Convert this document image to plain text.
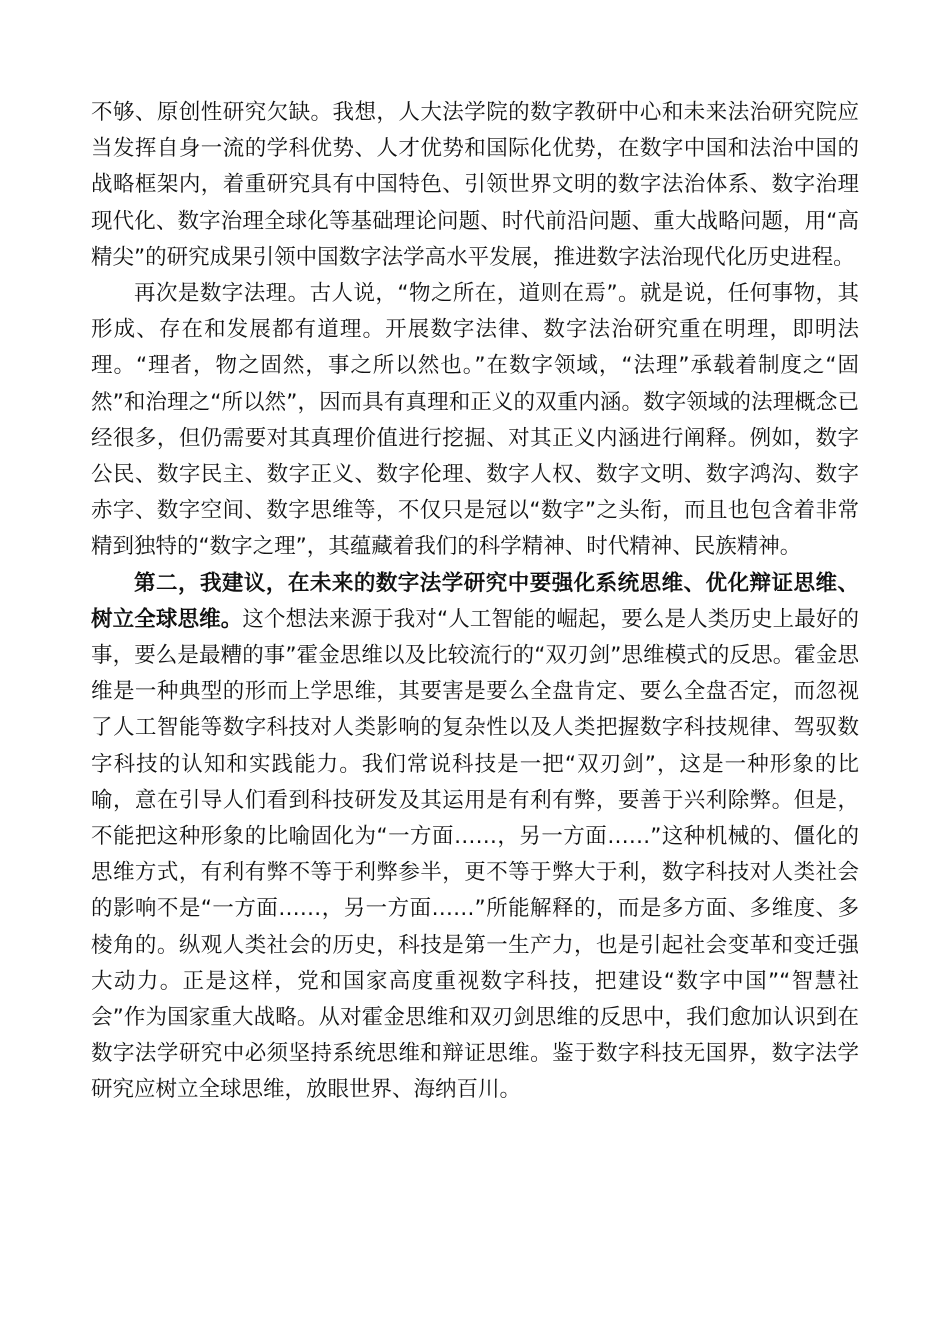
不够、原创性研究欠缺。我想，人大法学院的数字教研中心和未来法治研究院应当发挥自身一流的学科优势、人才优势和国际化优势，在数字中国和法治中国的战略框架内，着重研究具有中国特色、引领世界文明的数字法治体系、数字治理现代化、数字治理全球化等基础理论问题、时代前沿问题、重大战略问题，用“高精尖”的研究成果引领中国数字法学高水平发展，推进数字法治现代化历史进程。

再次是数字法理。古人说，“物之所在，道则在焉”。就是说，任何事物，其形成、存在和发展都有道理。开展数字法律、数字法治研究重在明理，即明法理。“理者，物之固然，事之所以然也。”在数字领域，“法理”承载着制度之“固然”和治理之“所以然”，因而具有真理和正义的双重内涵。数字领域的法理概念已经很多，但仍需要对其真理价值进行挖掘、对其正义内涵进行阐释。例如，数字公民、数字民主、数字正义、数字伦理、数字人权、数字文明、数字鸿沟、数字赤字、数字空间、数字思维等，不仅只是冠以“数字”之头衔，而且也包含着非常精到独特的“数字之理”，其蕴藏着我们的科学精神、时代精神、民族精神。

第二，我建议，在未来的数字法学研究中要强化系统思维、优化辩证思维、树立全球思维。这个想法来源于我对“人工智能的崛起，要么是人类历史上最好的事，要么是最糟的事”霍金思维以及比较流行的“双刃剑”思维模式的反思。霍金思维是一种典型的形而上学思维，其要害是要么全盘肯定、要么全盘否定，而忽视了人工智能等数字科技对人类影响的复杂性以及人类把握数字科技规律、驾驭数字科技的认知和实践能力。我们常说科技是一把“双刃剑”，这是一种形象的比喻，意在引导人们看到科技研发及其运用是有利有弊，要善于兴利除弊。但是，不能把这种形象的比喻固化为“一方面……，另一方面……”这种机械的、僵化的思维方式，有利有弊不等于利弊参半，更不等于弊大于利，数字科技对人类社会的影响不是“一方面……，另一方面……”所能解释的，而是多方面、多维度、多棱角的。纵观人类社会的历史，科技是第一生产力，也是引起社会变革和变迁强大动力。正是这样，党和国家高度重视数字科技，把建设“数字中国”“智慧社会”作为国家重大战略。从对霍金思维和双刃剑思维的反思中，我们愈加认识到在数字法学研究中必须坚持系统思维和辩证思维。鉴于数字科技无国界，数字法学研究应树立全球思维，放眼世界、海纳百川。
